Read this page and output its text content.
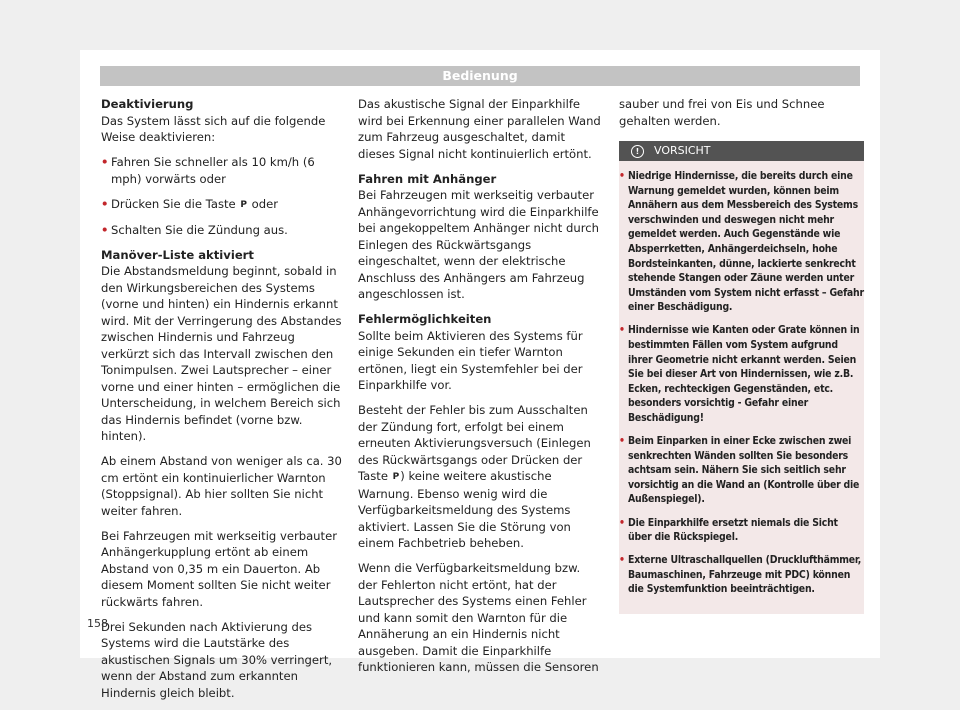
Bedienung

Deaktivierung

Das System lässt sich auf die folgende Weise deaktivieren:

• Fahren Sie schneller als 10 km/h (6 mph) vorwärts oder

• Drücken Sie die Taste P oder

• Schalten Sie die Zündung aus.

Manöver-Liste aktiviert

Die Abstandsmeldung beginnt, sobald in den Wirkungsbereichen des Systems (vorne und hinten) ein Hindernis erkannt wird. Mit der Verringerung des Abstandes zwischen Hindernis und Fahrzeug verkürzt sich das Intervall zwischen den Tonimpulsen. Zwei Lautsprecher – einer vorne und einer hinten – ermöglichen die Unterscheidung, in welchem Bereich sich das Hindernis befindet (vorne bzw. hinten).

Ab einem Abstand von weniger als ca. 30 cm ertönt ein kontinuierlicher Warnton (Stoppsignal). Ab hier sollten Sie nicht weiter fahren.

Bei Fahrzeugen mit werkseitig verbauter Anhängerkupplung ertönt ab einem Abstand von 0,35 m ein Dauerton. Ab diesem Moment sollten Sie nicht weiter rückwärts fahren.

Drei Sekunden nach Aktivierung des Systems wird die Lautstärke des akustischen Signals um 30% verringert, wenn der Abstand zum erkannten Hindernis gleich bleibt.

Das akustische Signal der Einparkhilfe wird bei Erkennung einer parallelen Wand zum Fahrzeug ausgeschaltet, damit dieses Signal nicht kontinuierlich ertönt.

Fahren mit Anhänger

Bei Fahrzeugen mit werkseitig verbauter Anhängevorrichtung wird die Einparkhilfe bei angekoppeltem Anhänger nicht durch Einlegen des Rückwärtsgangs eingeschaltet, wenn der elektrische Anschluss des Anhängers am Fahrzeug angeschlossen ist.

Fehlermöglichkeiten

Sollte beim Aktivieren des Systems für einige Sekunden ein tiefer Warnton ertönen, liegt ein Systemfehler bei der Einparkhilfe vor.

Besteht der Fehler bis zum Ausschalten der Zündung fort, erfolgt bei einem erneuten Aktivierungsversuch (Einlegen des Rückwärtsgangs oder Drücken der Taste P) keine weitere akustische Warnung. Ebenso wenig wird die Verfügbarkeitsmeldung des Systems aktiviert. Lassen Sie die Störung von einem Fachbetrieb beheben.

Wenn die Verfügbarkeitsmeldung bzw. der Fehlerton nicht ertönt, hat der Lautsprecher des Systems einen Fehler und kann somit den Warnton für die Annäherung an ein Hindernis nicht ausgeben. Damit die Einparkhilfe funktionieren kann, müssen die Sensoren

sauber und frei von Eis und Schnee gehalten werden.

!	VORSICHT

• Niedrige Hindernisse, die bereits durch eine Warnung gemeldet wurden, können beim Annähern aus dem Messbereich des Systems verschwinden und deswegen nicht mehr gemeldet werden. Auch Gegenstände wie Absperrketten, Anhängerdeichseln, hohe Bordsteinkanten, dünne, lackierte senkrecht stehende Stangen oder Zäune werden unter Umständen vom System nicht erfasst – Gefahr einer Beschädigung.

• Hindernisse wie Kanten oder Grate können in bestimmten Fällen vom System aufgrund ihrer Geometrie nicht erkannt werden. Seien Sie bei dieser Art von Hindernissen, wie z.B. Ecken, rechteckigen Gegenständen, etc. besonders vorsichtig - Gefahr einer Beschädigung!

• Beim Einparken in einer Ecke zwischen zwei senkrechten Wänden sollten Sie besonders achtsam sein. Nähern Sie sich seitlich sehr vorsichtig an die Wand an (Kontrolle über die Außenspiegel).

• Die Einparkhilfe ersetzt niemals die Sicht über die Rückspiegel.

• Externe Ultraschallquellen (Drucklufthämmer, Baumaschinen, Fahrzeuge mit PDC) können die Systemfunktion beeinträchtigen.

158
